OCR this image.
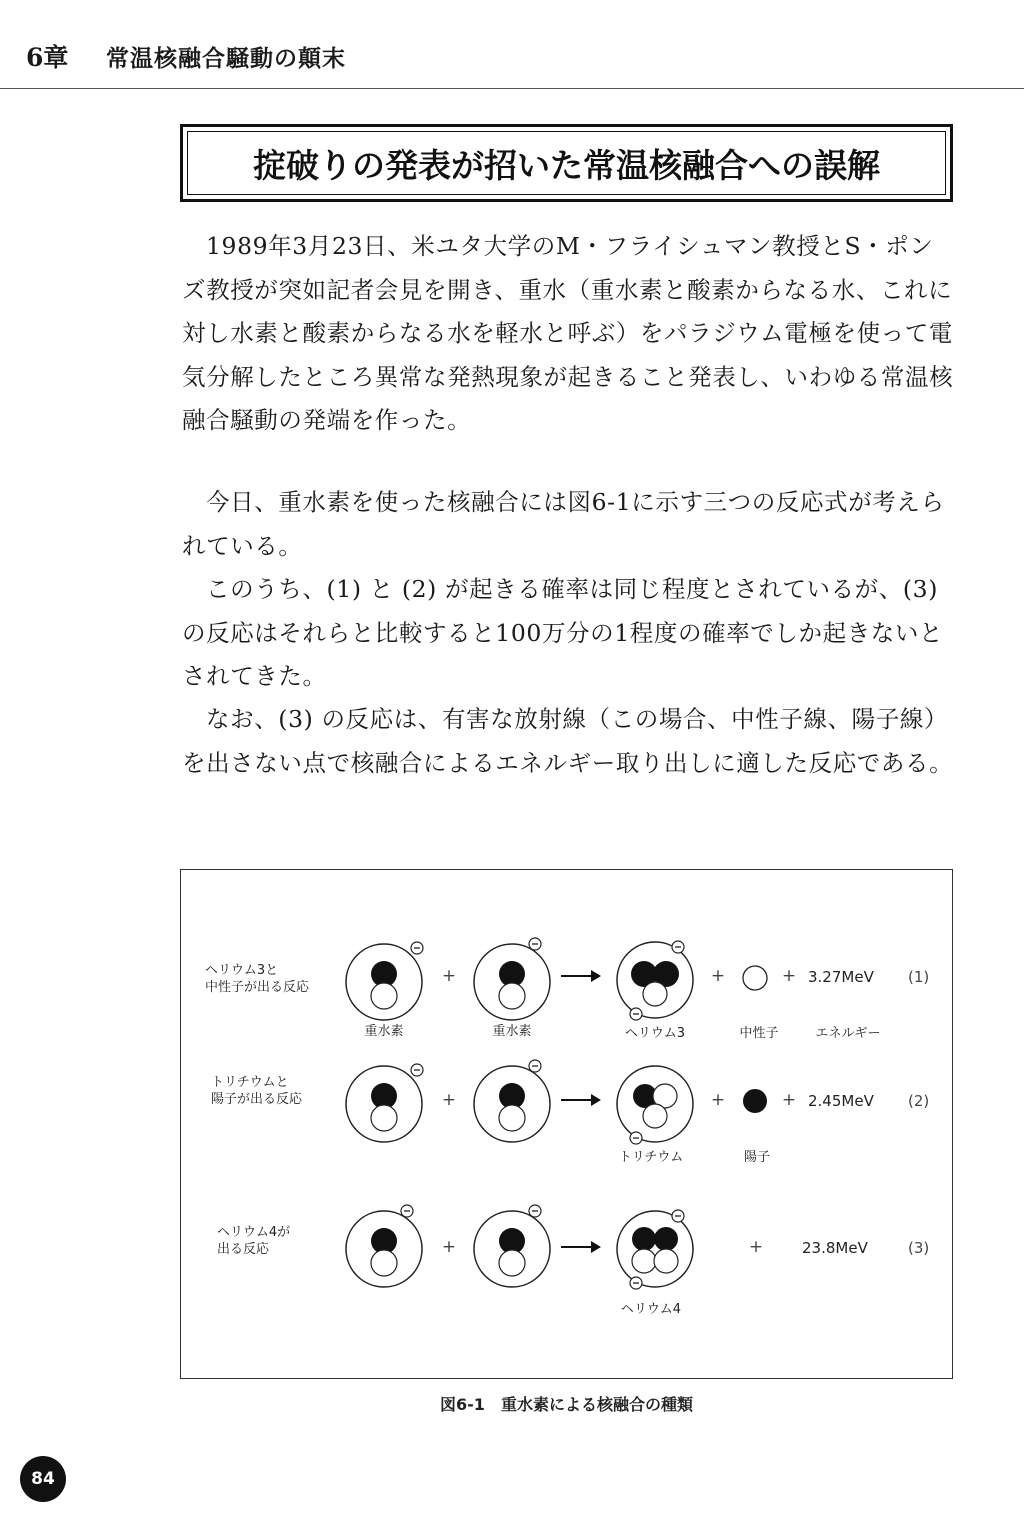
6章 常温核融合騒動の顛末
掟破りの発表が招いた常温核融合への誤解

1989年3月23日、米ユタ大学のM・フライシュマン教授とS・ポンズ教授が突如記者会見を開き、重水（重水素と酸素からなる水、これに対し水素と酸素からなる水を軽水と呼ぶ）をパラジウム電極を使って電気分解したところ異常な発熱現象が起きること発表し、いわゆる常温核融合騒動の発端を作った。

今日、重水素を使った核融合には図6-1に示す三つの反応式が考えられている。

このうち、(1) と (2) が起きる確率は同じ程度とされているが、(3) の反応はそれらと比較すると100万分の1程度の確率でしか起きないとされてきた。

なお、(3) の反応は、有害な放射線（この場合、中性子線、陽子線）を出さない点で核融合によるエネルギー取り出しに適した反応である。

ヘリウム3と
中性子が出る反応
+	+	+ 3.27MeV (1)
重水素	重水素	ヘリウム3	中性子	エネルギー
トリチウムと
陽子が出る反応	+	+	+ 2.45MeV (2)
トリチウム	陽子
ヘリウム4が
出る反応	+	+	23.8MeV	(3)
ヘリウム4
図6-1　重水素による核融合の種類
84
